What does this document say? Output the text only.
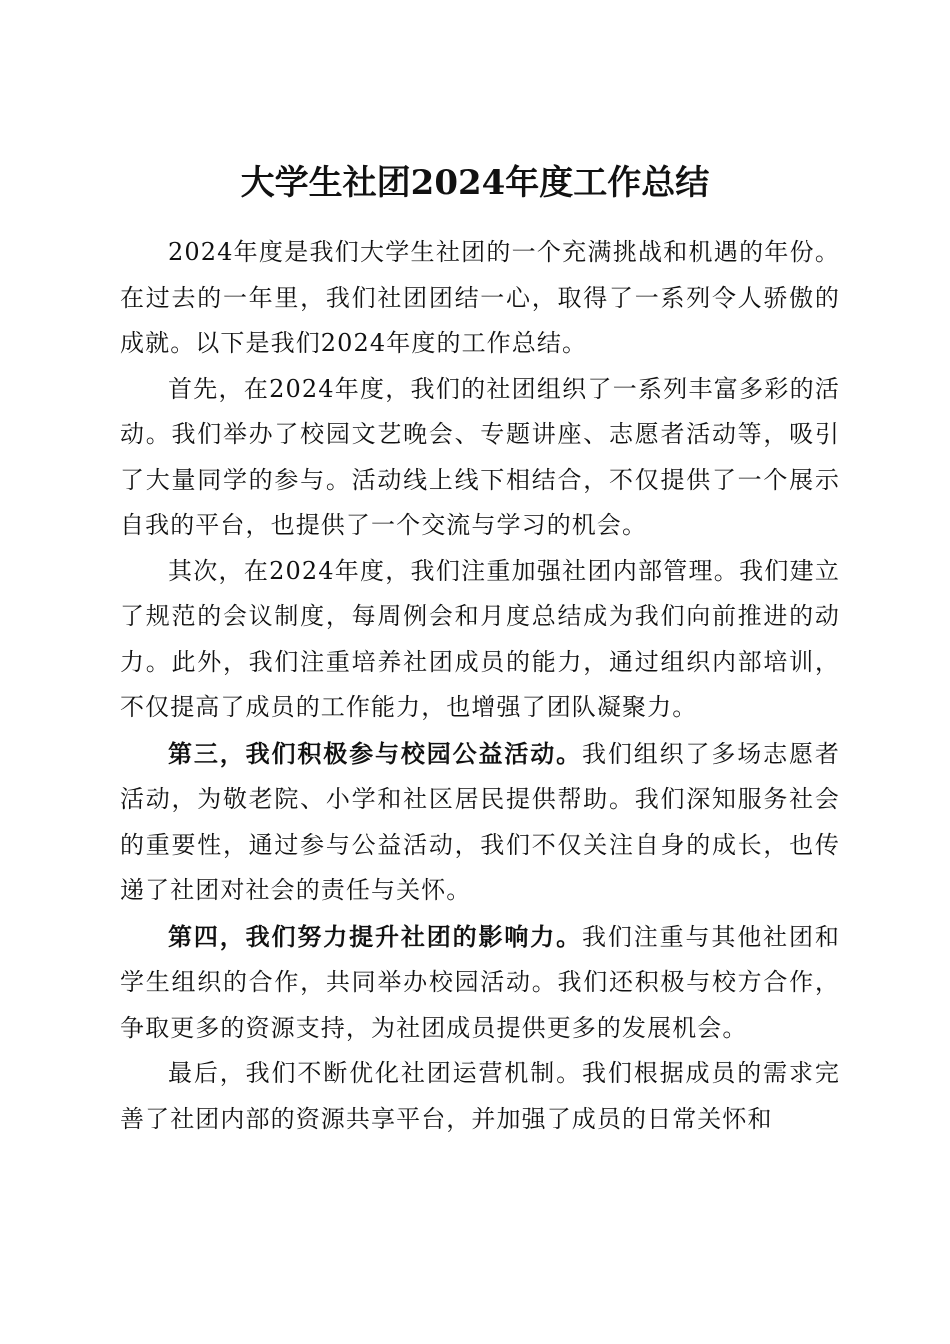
大学生社团2024年度工作总结

2024年度是我们大学生社团的一个充满挑战和机遇的年份。在过去的一年里，我们社团团结一心，取得了一系列令人骄傲的成就。以下是我们2024年度的工作总结。

首先，在2024年度，我们的社团组织了一系列丰富多彩的活动。我们举办了校园文艺晚会、专题讲座、志愿者活动等，吸引了大量同学的参与。活动线上线下相结合，不仅提供了一个展示自我的平台，也提供了一个交流与学习的机会。

其次，在2024年度，我们注重加强社团内部管理。我们建立了规范的会议制度，每周例会和月度总结成为我们向前推进的动力。此外，我们注重培养社团成员的能力，通过组织内部培训，不仅提高了成员的工作能力，也增强了团队凝聚力。

第三，我们积极参与校园公益活动。我们组织了多场志愿者活动，为敬老院、小学和社区居民提供帮助。我们深知服务社会的重要性，通过参与公益活动，我们不仅关注自身的成长，也传递了社团对社会的责任与关怀。

第四，我们努力提升社团的影响力。我们注重与其他社团和学生组织的合作，共同举办校园活动。我们还积极与校方合作，争取更多的资源支持，为社团成员提供更多的发展机会。

最后，我们不断优化社团运营机制。我们根据成员的需求完善了社团内部的资源共享平台，并加强了成员的日常关怀和
